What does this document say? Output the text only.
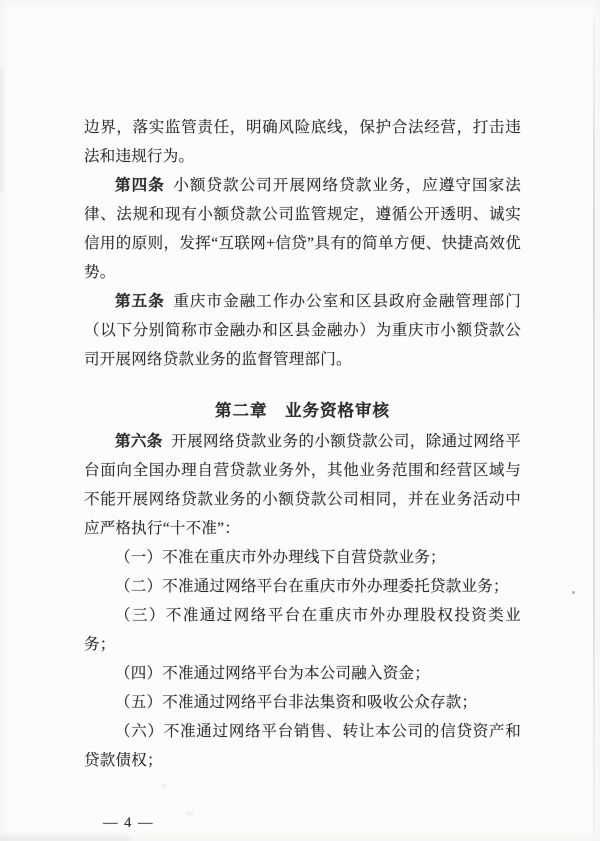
边界，落实监管责任，明确风险底线，保护合法经营，打击违法和违规行为。

第四条 小额贷款公司开展网络贷款业务，应遵守国家法律、法规和现有小额贷款公司监管规定，遵循公开透明、诚实信用的原则，发挥“互联网+信贷”具有的简单方便、快捷高效优势。

第五条 重庆市金融工作办公室和区县政府金融管理部门（以下分别简称市金融办和区县金融办）为重庆市小额贷款公司开展网络贷款业务的监督管理部门。

第二章　业务资格审核

第六条 开展网络贷款业务的小额贷款公司，除通过网络平台面向全国办理自营贷款业务外，其他业务范围和经营区域与不能开展网络贷款业务的小额贷款公司相同，并在业务活动中应严格执行“十不准”：

（一）不准在重庆市外办理线下自营贷款业务；

（二）不准通过网络平台在重庆市外办理委托贷款业务；

（三）不准通过网络平台在重庆市外办理股权投资类业务；

（四）不准通过网络平台为本公司融入资金；

（五）不准通过网络平台非法集资和吸收公众存款；

（六）不准通过网络平台销售、转让本公司的信贷资产和贷款债权；

— 4 —
